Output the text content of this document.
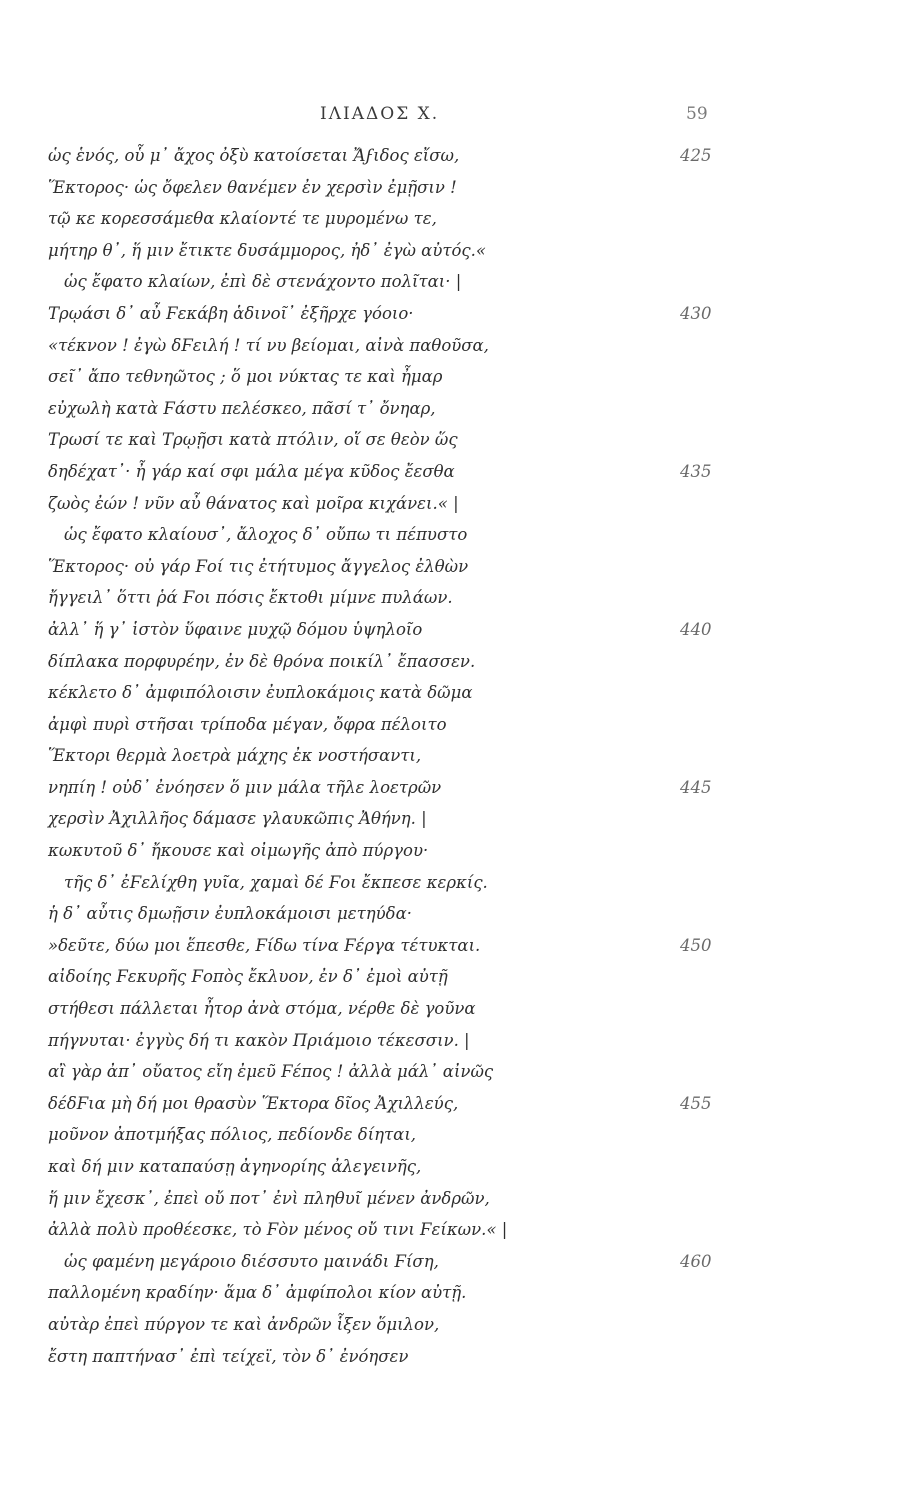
ΙΛΙΑΔΟΣ Χ.	59
ὡς ἑνός, οὗ μ᾽ ἄχος ὀξὺ κατοίσεται Ἄϝιδος εἴσω,	425
Ἕκτορος· ὡς ὄφελεν θανέμεν ἐν χερσὶν ἐμῇσιν !
τῷ κε κορεσσάμεθα κλαίοντέ τε μυρομένω τε,
μήτηρ θ᾽, ἥ μιν ἔτικτε δυσάμμορος, ἠδ᾽ ἐγὼ αὐτός.«
ὡς ἔφατο κλαίων, ἐπὶ δὲ στενάχοντο πολῖται· |
Τρῳάσι δ᾽ αὖ Ϝεκάβη ἁδινοῖ᾽ ἐξῆρχε γόοιο·	430
«τέκνον ! ἐγὼ δϜειλή ! τί νυ βείομαι, αἰνὰ παθοῦσα,
σεῖ᾽ ἄπο τεθνηῶτος ; ὅ μοι νύκτας τε καὶ ἦμαρ
εὐχωλὴ κατὰ Ϝάστυ πελέσκεο, πᾶσί τ᾽ ὄνηαρ,
Τρωσί τε καὶ Τρῳῇσι κατὰ πτόλιν, οἵ σε θεὸν ὥς
δηδέχατ᾽· ἦ γάρ καί σφι μάλα μέγα κῦδος ἔεσθα	435
ζωὸς ἐών ! νῦν αὖ θάνατος καὶ μοῖρα κιχάνει.« |
ὡς ἔφατο κλαίουσ᾽, ἄλοχος δ᾽ οὔπω τι πέπυστο
Ἕκτορος· οὐ γάρ Ϝοί τις ἐτήτυμος ἄγγελος ἐλθὼν
ἤγγειλ᾽ ὅττι ῥά Ϝοι πόσις ἔκτοθι μίμνε πυλάων.
ἀλλ᾽ ἥ γ᾽ ἱστὸν ὕφαινε μυχῷ δόμου ὑψηλοῖο	440
δίπλακα πορφυρέην, ἐν δὲ θρόνα ποικίλ᾽ ἔπασσεν.
κέκλετο δ᾽ ἀμφιπόλοισιν ἐυπλοκάμοις κατὰ δῶμα
ἀμφὶ πυρὶ στῆσαι τρίποδα μέγαν, ὄφρα πέλοιτο
Ἕκτορι θερμὰ λοετρὰ μάχης ἐκ νοστήσαντι,
νηπίη ! οὐδ᾽ ἐνόησεν ὅ μιν μάλα τῆλε λοετρῶν	445
χερσὶν Ἀχιλλῆος δάμασε γλαυκῶπις Ἀθήνη. |
κωκυτοῦ δ᾽ ἤκουσε καὶ οἰμωγῆς ἀπὸ πύργου·
τῆς δ᾽ ἐϜελίχθη γυῖα, χαμαὶ δέ Ϝοι ἔκπεσε κερκίς.
ἡ δ᾽ αὖτις δμωῇσιν ἐυπλοκάμοισι μετηύδα·
»δεῦτε, δύω μοι ἕπεσθε, Ϝίδω τίνα Ϝέργα τέτυκται.	450
αἰδοίης Ϝεκυρῆς Ϝοπὸς ἔκλυον, ἐν δ᾽ ἐμοὶ αὐτῇ
στήθεσι πάλλεται ἦτορ ἀνὰ στόμα, νέρθε δὲ γοῦνα
πήγνυται· ἐγγὺς δή τι κακὸν Πριάμοιο τέκεσσιν. |
αἲ γὰρ ἀπ᾽ οὔατος εἴη ἐμεῦ Ϝέπος ! ἀλλὰ μάλ᾽ αἰνῶς
δέδϜια μὴ δή μοι θρασὺν Ἕκτορα δῖος Ἀχιλλεύς,	455
μοῦνον ἀποτμήξας πόλιος, πεδίονδε δίηται,
καὶ δή μιν καταπαύσῃ ἀγηνορίης ἀλεγεινῆς,
ἥ μιν ἔχεσκ᾽, ἐπεὶ οὔ ποτ᾽ ἐνὶ πληθυῖ μένεν ἀνδρῶν,
ἀλλὰ πολὺ προθέεσκε, τὸ Ϝὸν μένος οὔ τινι Ϝείκων.« |
ὡς φαμένη μεγάροιο διέσσυτο μαινάδι Ϝίση,	460
παλλομένη κραδίην· ἅμα δ᾽ ἀμφίπολοι κίον αὐτῇ.
αὐτὰρ ἐπεὶ πύργον τε καὶ ἀνδρῶν ἷξεν ὅμιλον,
ἔστη παπτήνασ᾽ ἐπὶ τείχεϊ, τὸν δ᾽ ἐνόησεν
